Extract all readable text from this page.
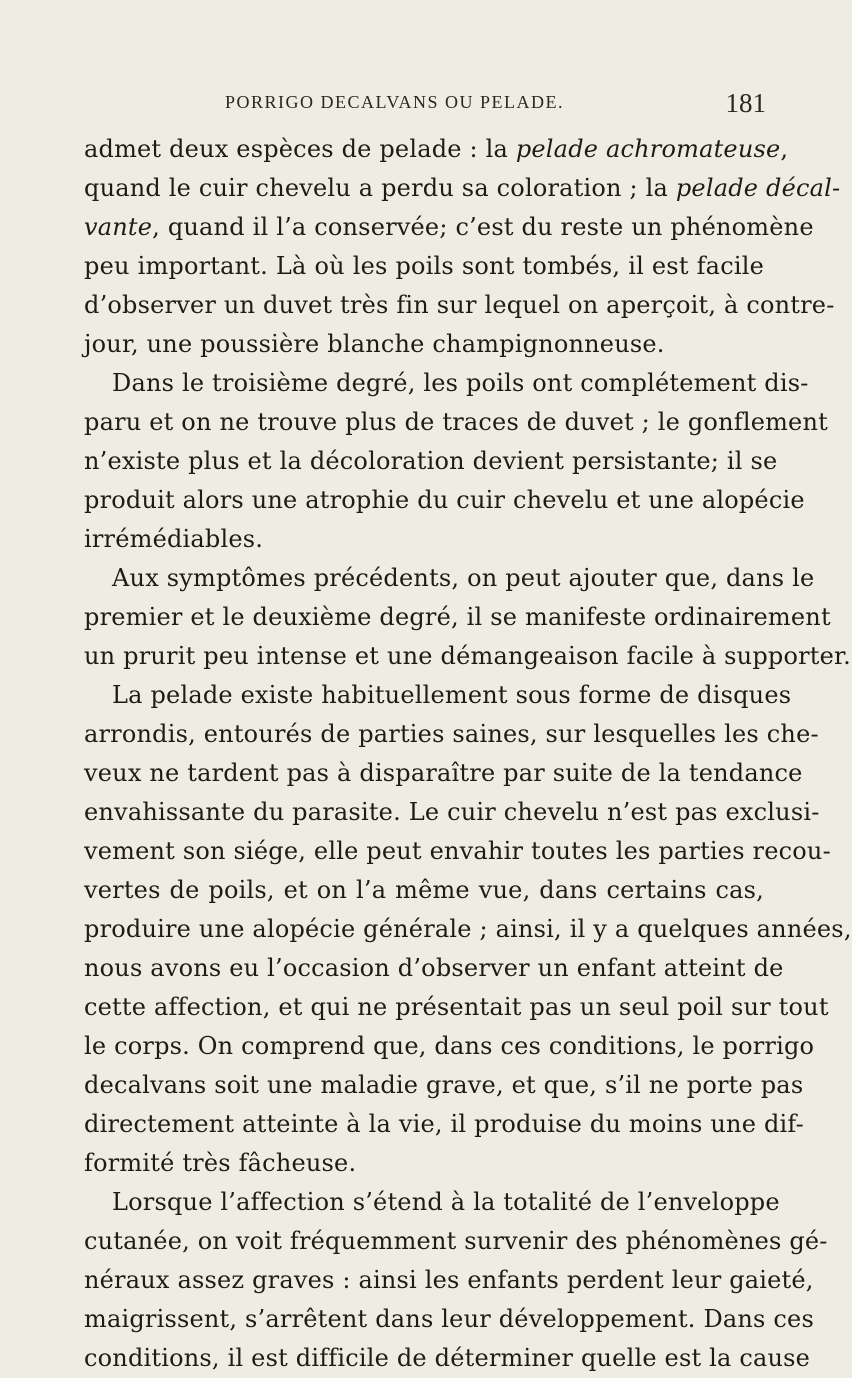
PORRIGO DECALVANS OU PELADE.	181
admet deux espèces de pelade : la pelade achromateuse,
quand le cuir chevelu a perdu sa coloration ; la pelade décal-
vante, quand il l’a conservée; c’est du reste un phénomène
peu important. Là où les poils sont tombés, il est facile
d’observer un duvet très fin sur lequel on aperçoit, à contre-
jour, une poussière blanche champignonneuse.
Dans le troisième degré, les poils ont complétement dis-
paru et on ne trouve plus de traces de duvet ; le gonflement
n’existe plus et la décoloration devient persistante; il se
produit alors une atrophie du cuir chevelu et une alopécie
irrémédiables.
Aux symptômes précédents, on peut ajouter que, dans le
premier et le deuxième degré, il se manifeste ordinairement
un prurit peu intense et une démangeaison facile à supporter.
La pelade existe habituellement sous forme de disques
arrondis, entourés de parties saines, sur lesquelles les che-
veux ne tardent pas à disparaître par suite de la tendance
envahissante du parasite. Le cuir chevelu n’est pas exclusi-
vement son siége, elle peut envahir toutes les parties recou-
vertes de poils, et on l’a même vue, dans certains cas,
produire une alopécie générale ; ainsi, il y a quelques années,
nous avons eu l’occasion d’observer un enfant atteint de
cette affection, et qui ne présentait pas un seul poil sur tout
le corps. On comprend que, dans ces conditions, le porrigo
decalvans soit une maladie grave, et que, s’il ne porte pas
directement atteinte à la vie, il produise du moins une dif-
formité très fâcheuse.
Lorsque l’affection s’étend à la totalité de l’enveloppe
cutanée, on voit fréquemment survenir des phénomènes gé-
néraux assez graves : ainsi les enfants perdent leur gaieté,
maigrissent, s’arrêtent dans leur développement. Dans ces
conditions, il est difficile de déterminer quelle est la cause
